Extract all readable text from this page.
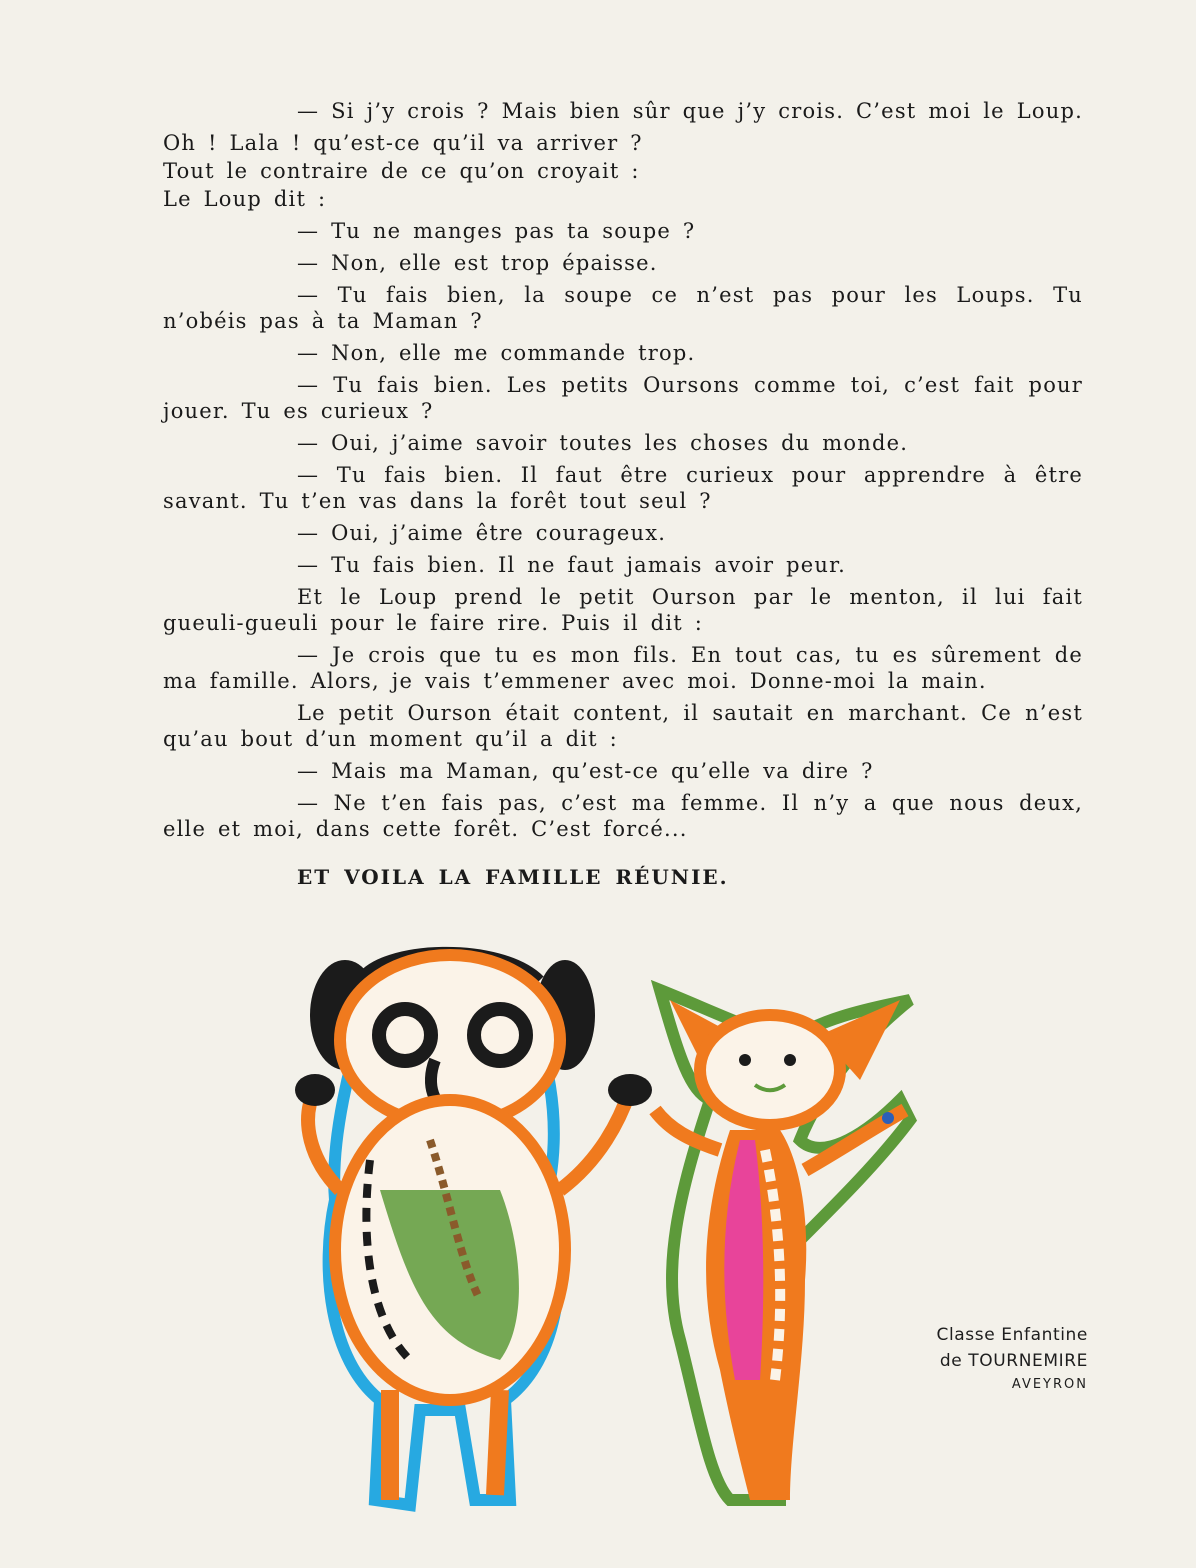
— Si j’y crois ? Mais bien sûr que j’y crois. C’est moi le Loup.

Oh ! Lala ! qu’est-ce qu’il va arriver ?

Tout le contraire de ce qu’on croyait :

Le Loup dit :

— Tu ne manges pas ta soupe ?

— Non, elle est trop épaisse.

— Tu fais bien, la soupe ce n’est pas pour les Loups. Tu n’obéis pas à ta Maman ?

— Non, elle me commande trop.

— Tu fais bien. Les petits Oursons comme toi, c’est fait pour jouer. Tu es curieux ?

— Oui, j’aime savoir toutes les choses du monde.

— Tu fais bien. Il faut être curieux pour apprendre à être savant. Tu t’en vas dans la forêt tout seul ?

— Oui, j’aime être courageux.

— Tu fais bien. Il ne faut jamais avoir peur.

Et le Loup prend le petit Ourson par le menton, il lui fait gueuli-gueuli pour le faire rire. Puis il dit :

— Je crois que tu es mon fils. En tout cas, tu es sûrement de ma famille. Alors, je vais t’emmener avec moi. Donne-moi la main.

Le petit Ourson était content, il sautait en marchant. Ce n’est qu’au bout d’un moment qu’il a dit :

— Mais ma Maman, qu’est-ce qu’elle va dire ?

— Ne t’en fais pas, c’est ma femme. Il n’y a que nous deux, elle et moi, dans cette forêt. C’est forcé...

ET VOILA LA FAMILLE RÉUNIE.

Classe Enfantine
de TOURNEMIRE
AVEYRON
